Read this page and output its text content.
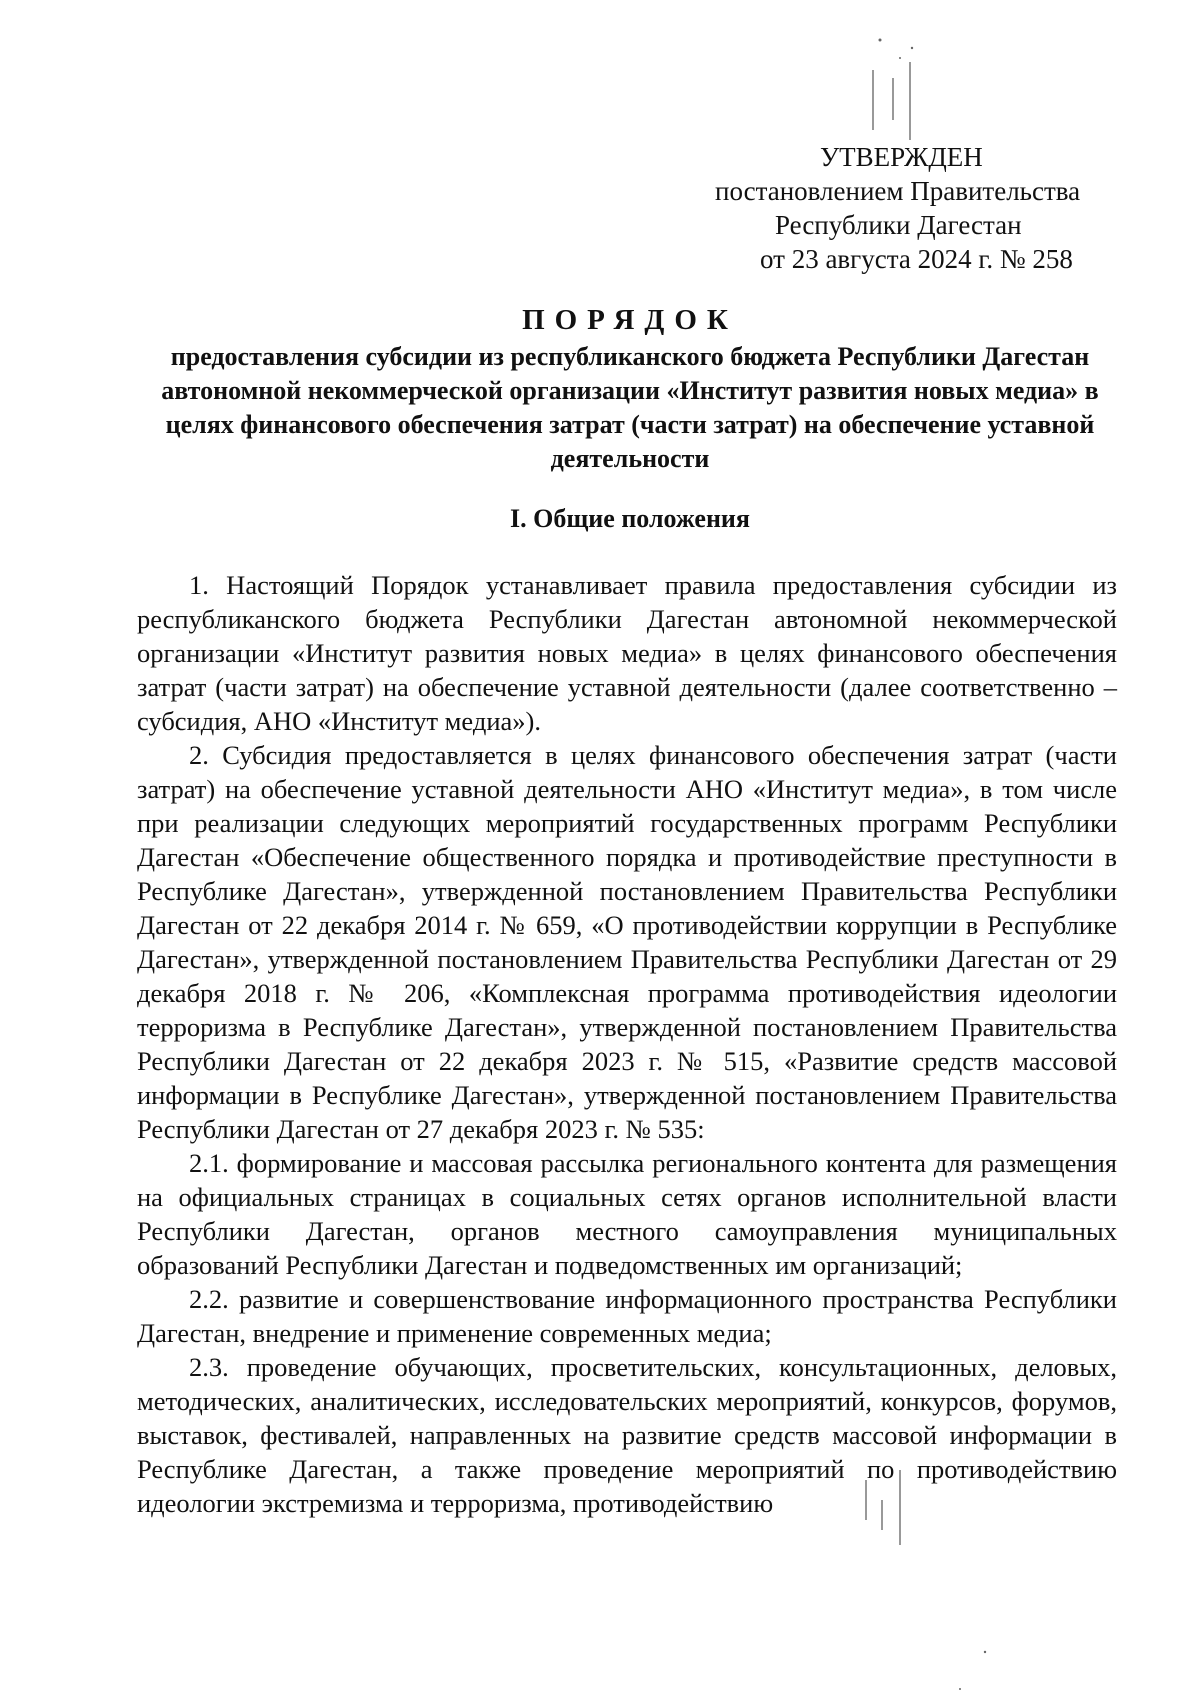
УТВЕРЖДЕН
постановлением Правительства
Республики Дагестан
от 23 августа 2024 г. № 258
ПОРЯДОК
предоставления субсидии из республиканского бюджета Республики Дагестан автономной некоммерческой организации «Институт развития новых медиа» в целях финансового обеспечения затрат (части затрат) на обеспечение уставной деятельности
I. Общие положения

1. Настоящий Порядок устанавливает правила предоставления субсидии из республиканского бюджета Республики Дагестан автономной некоммерческой организации «Институт развития новых медиа» в целях финансового обеспечения затрат (части затрат) на обеспечение уставной деятельности (далее соответственно – субсидия, АНО «Институт медиа»).

2. Субсидия предоставляется в целях финансового обеспечения затрат (части затрат) на обеспечение уставной деятельности АНО «Институт медиа», в том числе при реализации следующих мероприятий государственных программ Республики Дагестан «Обеспечение общественного порядка и противодействие преступности в Республике Дагестан», утвержденной постановлением Правительства Республики Дагестан от 22 декабря 2014 г. № 659, «О противодействии коррупции в Республике Дагестан», утвержденной постановлением Правительства Республики Дагестан от 29 декабря 2018 г. № 206, «Комплексная программа противодействия идеологии терроризма в Республике Дагестан», утвержденной постановлением Правительства Республики Дагестан от 22 декабря 2023 г. № 515, «Развитие средств массовой информации в Республике Дагестан», утвержденной постановлением Правительства Республики Дагестан от 27 декабря 2023 г. № 535:

2.1. формирование и массовая рассылка регионального контента для размещения на официальных страницах в социальных сетях органов исполнительной власти Республики Дагестан, органов местного самоуправления муниципальных образований Республики Дагестан и подведомственных им организаций;

2.2. развитие и совершенствование информационного пространства Республики Дагестан, внедрение и применение современных медиа;

2.3. проведение обучающих, просветительских, консультационных, деловых, методических, аналитических, исследовательских мероприятий, конкурсов, форумов, выставок, фестивалей, направленных на развитие средств массовой информации в Республике Дагестан, а также проведение мероприятий по противодействию идеологии экстремизма и терроризма, противодействию
